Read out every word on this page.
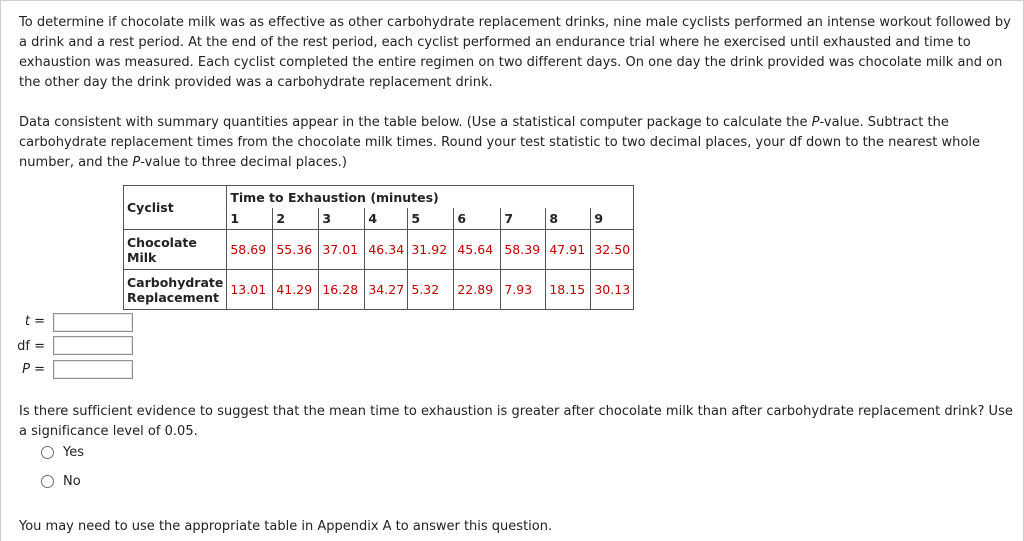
To determine if chocolate milk was as effective as other carbohydrate replacement drinks, nine male cyclists performed an intense workout followed by a drink and a rest period. At the end of the rest period, each cyclist performed an endurance trial where he exercised until exhausted and time to exhaustion was measured. Each cyclist completed the entire regimen on two different days. On one day the drink provided was chocolate milk and on the other day the drink provided was a carbohydrate replacement drink.
Data consistent with summary quantities appear in the table below. (Use a statistical computer package to calculate the P-value. Subtract the carbohydrate replacement times from the chocolate milk times. Round your test statistic to two decimal places, your df down to the nearest whole number, and the P-value to three decimal places.)
Cyclist	Time to Exhaustion (minutes)								
	1	2	3	4	5	6	7	8	9
Chocolate
Milk	58.69	55.36	37.01	46.34	31.92	45.64	58.39	47.91	32.50
Carbohydrate
Replacement	13.01	41.29	16.28	34.27	5.32	22.89	7.93	18.15	30.13
t =
df =
P =
Is there sufficient evidence to suggest that the mean time to exhaustion is greater after chocolate milk than after carbohydrate replacement drink? Use a significance level of 0.05.
Yes
No
You may need to use the appropriate table in Appendix A to answer this question.
